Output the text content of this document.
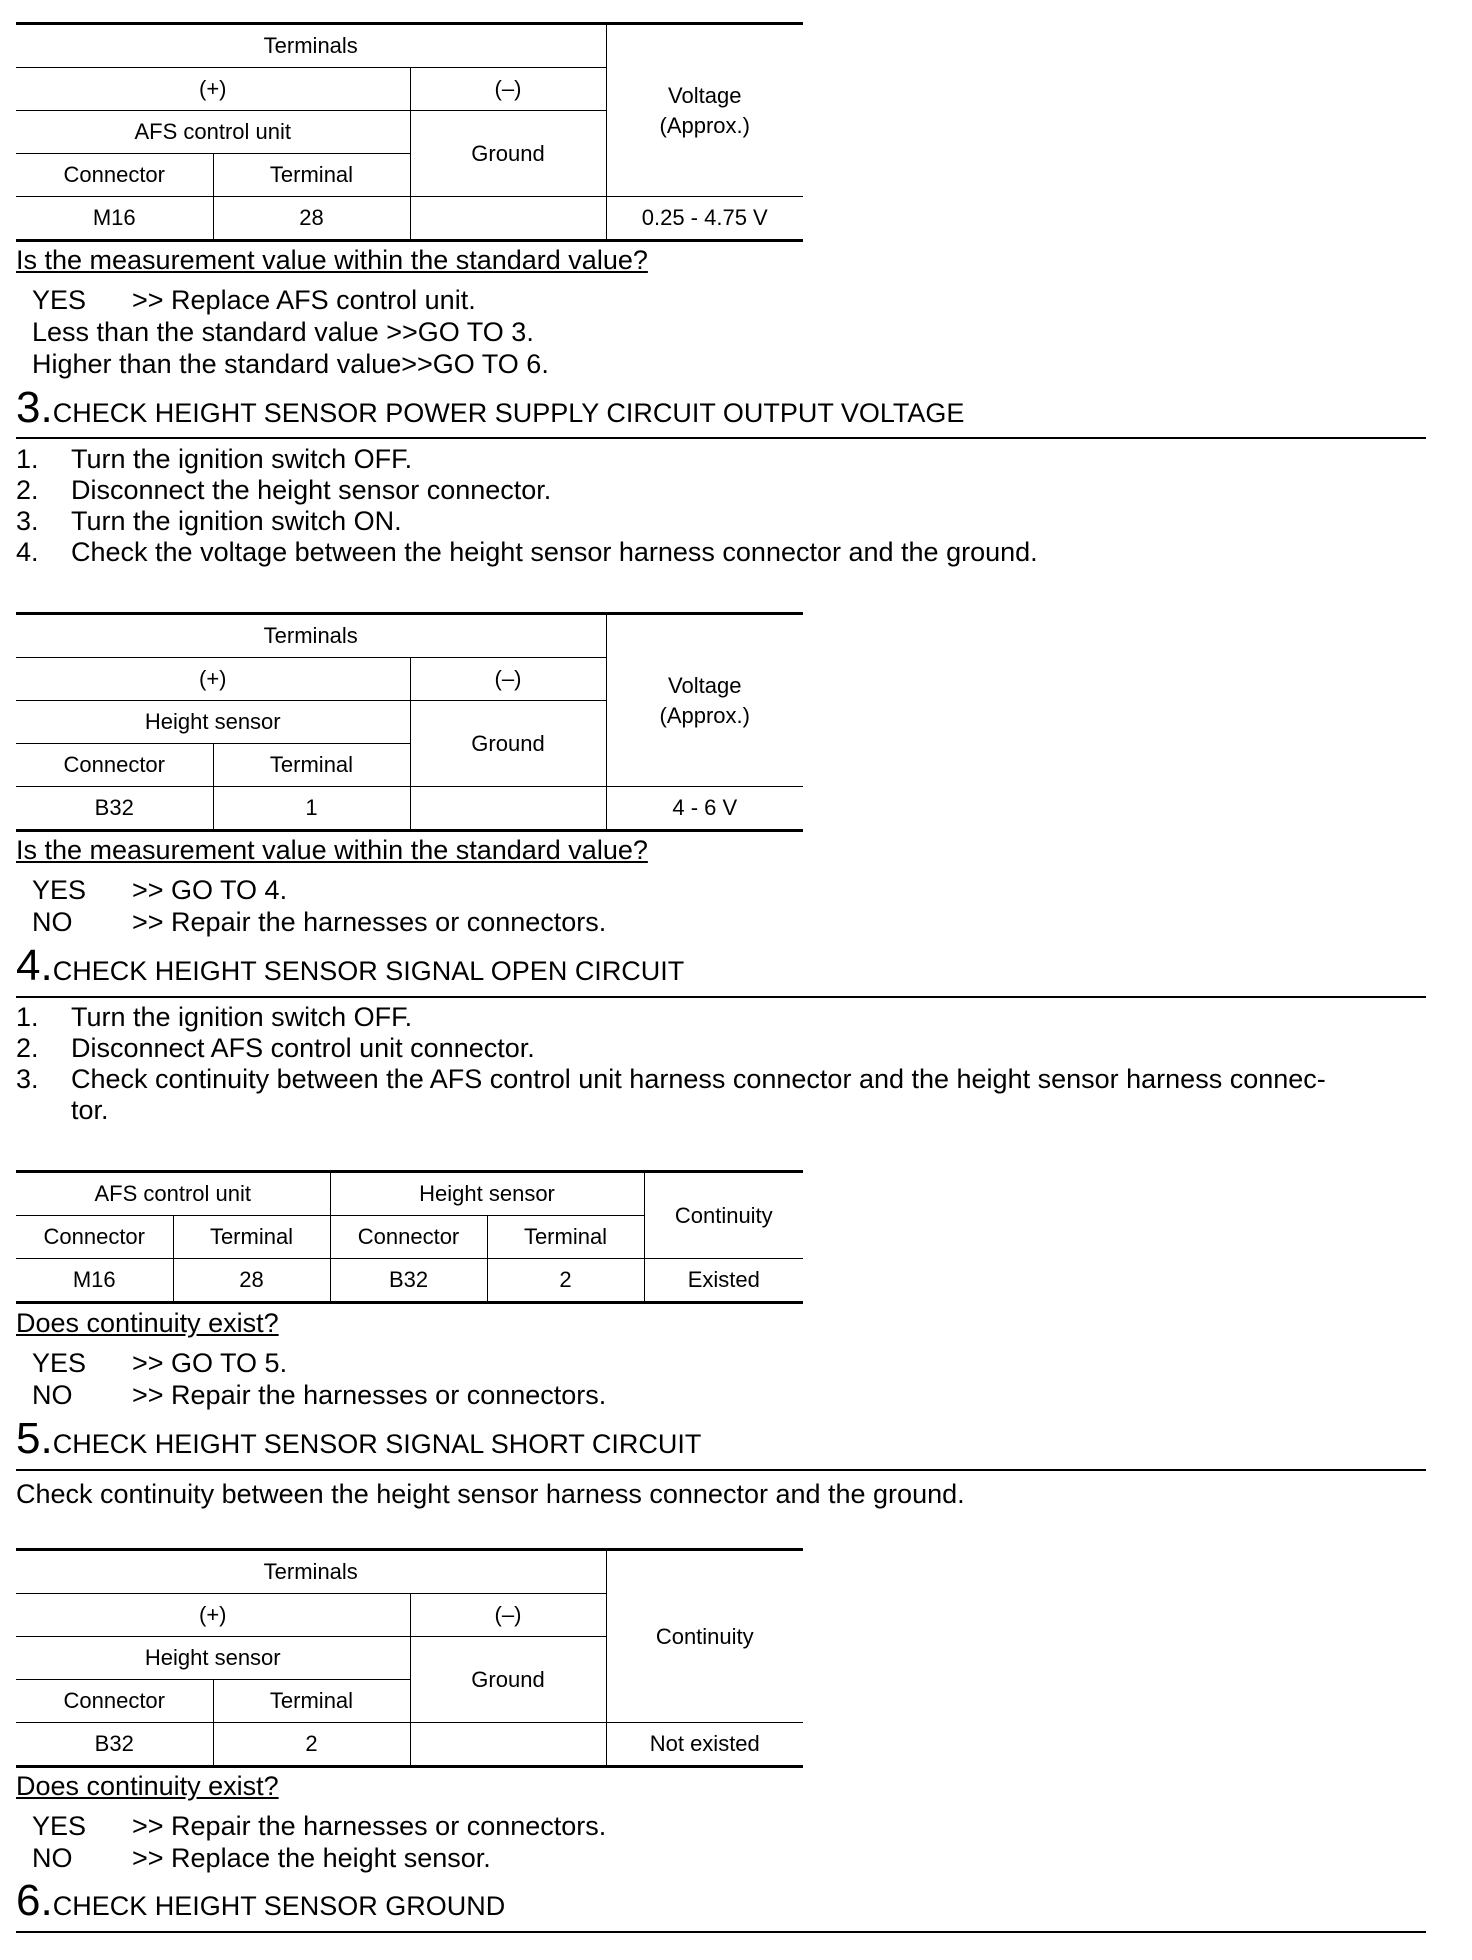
Terminals			Voltage
(Approx.)
(+)		(–)	
AFS control unit		Ground	
Connector	Terminal		
M16	28		0.25 - 4.75 V
Is the measurement value within the standard value?
YES	>> Replace AFS control unit.
Less than the standard value >>GO TO 3.
Higher than the standard value>>GO TO 6.
3.CHECK HEIGHT SENSOR POWER SUPPLY CIRCUIT OUTPUT VOLTAGE
1.	Turn the ignition switch OFF.
2.	Disconnect the height sensor connector.
3.	Turn the ignition switch ON.
4.	Check the voltage between the height sensor harness connector and the ground.
Terminals			Voltage
(Approx.)
(+)		(–)	
Height sensor		Ground	
Connector	Terminal		
B32	1		4 - 6 V
Is the measurement value within the standard value?
YES	>> GO TO 4.
NO	>> Repair the harnesses or connectors.
4.CHECK HEIGHT SENSOR SIGNAL OPEN CIRCUIT
1.	Turn the ignition switch OFF.
2.	Disconnect AFS control unit connector.
3.	Check continuity between the AFS control unit harness connector and the height sensor harness connec-
tor.
AFS control unit		Height sensor		Continuity
Connector	Terminal	Connector	Terminal	
M16	28	B32	2	Existed
Does continuity exist?
YES	>> GO TO 5.
NO	>> Repair the harnesses or connectors.
5.CHECK HEIGHT SENSOR SIGNAL SHORT CIRCUIT
Check continuity between the height sensor harness connector and the ground.
Terminals			Continuity
(+)		(–)	
Height sensor		Ground	
Connector	Terminal		
B32	2		Not existed
Does continuity exist?
YES	>> Repair the harnesses or connectors.
NO	>> Replace the height sensor.
6.CHECK HEIGHT SENSOR GROUND
